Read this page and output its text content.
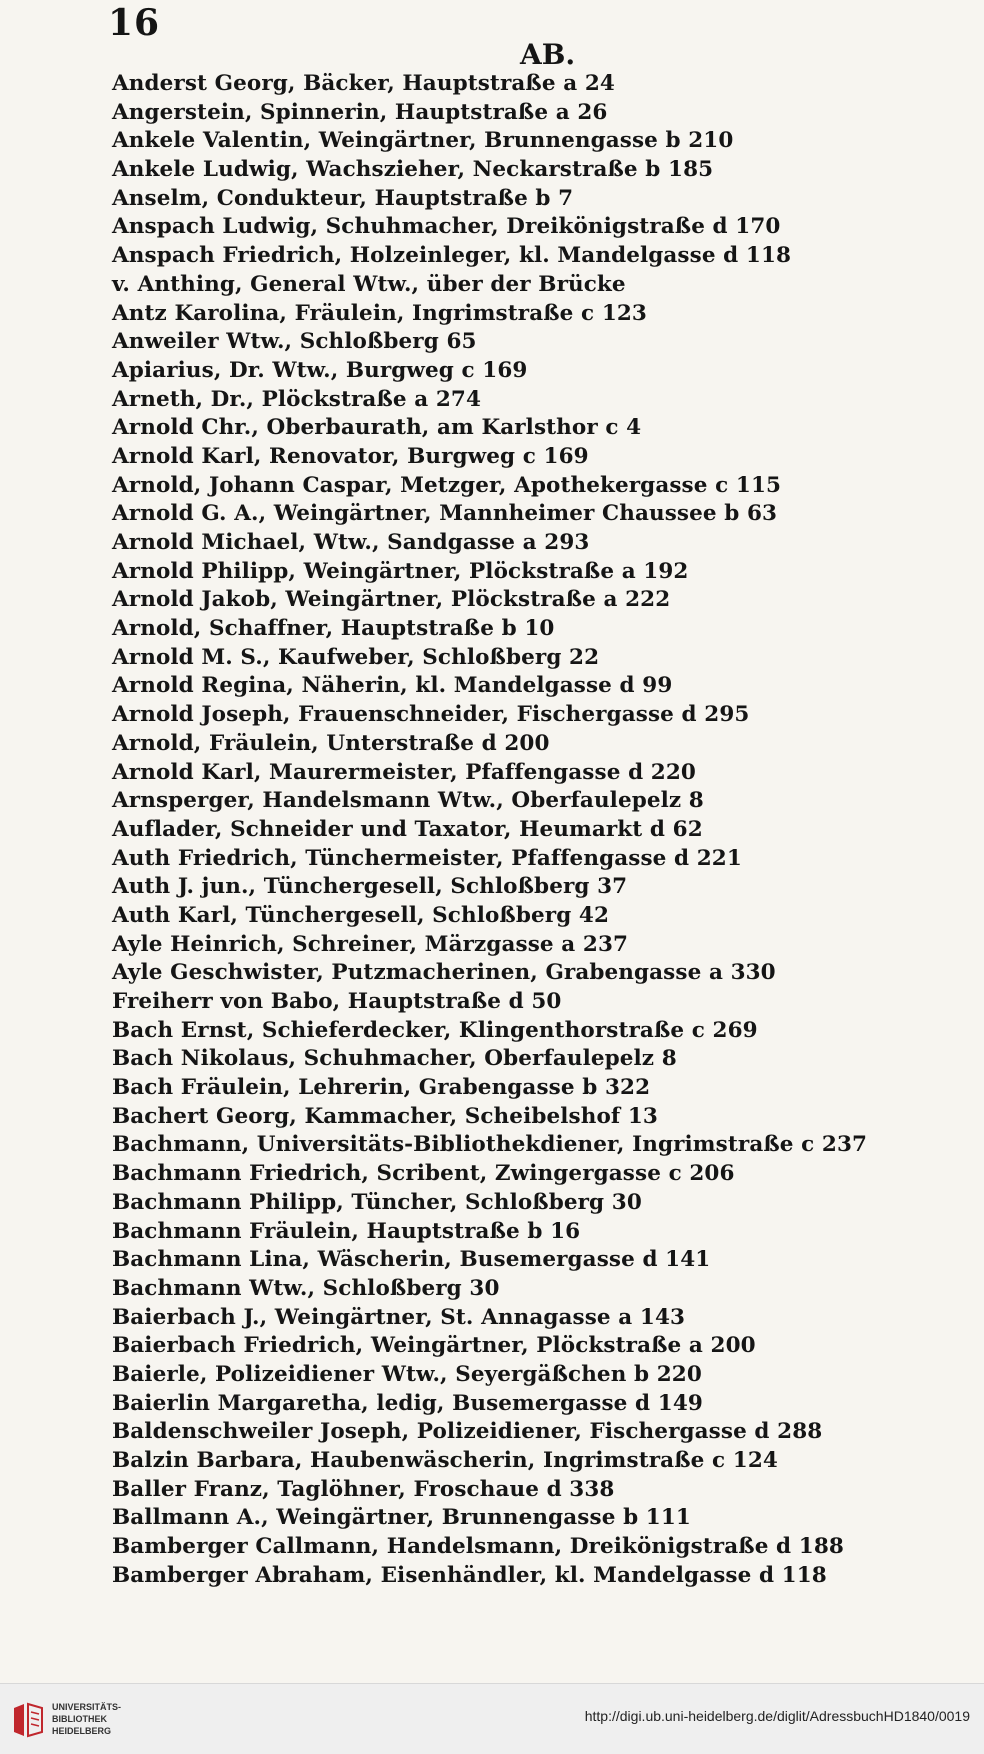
16
AB.
Anderst Georg, Bäcker, Hauptstraße a 24
Angerstein, Spinnerin, Hauptstraße a 26
Ankele Valentin, Weingärtner, Brunnengasse b 210
Ankele Ludwig, Wachszieher, Neckarstraße b 185
Anselm, Condukteur, Hauptstraße b 7
Anspach Ludwig, Schuhmacher, Dreikönigstraße d 170
Anspach Friedrich, Holzeinleger, kl. Mandelgasse d 118
v. Anthing, General Wtw., über der Brücke
Antz Karolina, Fräulein, Ingrimstraße c 123
Anweiler Wtw., Schloßberg 65
Apiarius, Dr. Wtw., Burgweg c 169
Arneth, Dr., Plöckstraße a 274
Arnold Chr., Oberbaurath, am Karlsthor c 4
Arnold Karl, Renovator, Burgweg c 169
Arnold, Johann Caspar, Metzger, Apothekergasse c 115
Arnold G. A., Weingärtner, Mannheimer Chaussee b 63
Arnold Michael, Wtw., Sandgasse a 293
Arnold Philipp, Weingärtner, Plöckstraße a 192
Arnold Jakob, Weingärtner, Plöckstraße a 222
Arnold, Schaffner, Hauptstraße b 10
Arnold M. S., Kaufweber, Schloßberg 22
Arnold Regina, Näherin, kl. Mandelgasse d 99
Arnold Joseph, Frauenschneider, Fischergasse d 295
Arnold, Fräulein, Unterstraße d 200
Arnold Karl, Maurermeister, Pfaffengasse d 220
Arnsperger, Handelsmann Wtw., Oberfaulepelz 8
Auflader, Schneider und Taxator, Heumarkt d 62
Auth Friedrich, Tünchermeister, Pfaffengasse d 221
Auth J. jun., Tünchergesell, Schloßberg 37
Auth Karl, Tünchergesell, Schloßberg 42
Ayle Heinrich, Schreiner, Märzgasse a 237
Ayle Geschwister, Putzmacherinen, Grabengasse a 330
Freiherr von Babo, Hauptstraße d 50
Bach Ernst, Schieferdecker, Klingenthorstraße c 269
Bach Nikolaus, Schuhmacher, Oberfaulepelz 8
Bach Fräulein, Lehrerin, Grabengasse b 322
Bachert Georg, Kammacher, Scheibelshof 13
Bachmann, Universitäts-Bibliothekdiener, Ingrimstraße c 237
Bachmann Friedrich, Scribent, Zwingergasse c 206
Bachmann Philipp, Tüncher, Schloßberg 30
Bachmann Fräulein, Hauptstraße b 16
Bachmann Lina, Wäscherin, Busemergasse d 141
Bachmann Wtw., Schloßberg 30
Baierbach J., Weingärtner, St. Annagasse a 143
Baierbach Friedrich, Weingärtner, Plöckstraße a 200
Baierle, Polizeidiener Wtw., Seyergäßchen b 220
Baierlin Margaretha, ledig, Busemergasse d 149
Baldenschweiler Joseph, Polizeidiener, Fischergasse d 288
Balzin Barbara, Haubenwäscherin, Ingrimstraße c 124
Baller Franz, Taglöhner, Froschaue d 338
Ballmann A., Weingärtner, Brunnengasse b 111
Bamberger Callmann, Handelsmann, Dreikönigstraße d 188
Bamberger Abraham, Eisenhändler, kl. Mandelgasse d 118
UNIVERSITÄTS-
BIBLIOTHEK
HEIDELBERG
http://digi.ub.uni-heidelberg.de/diglit/AdressbuchHD1840/0019
